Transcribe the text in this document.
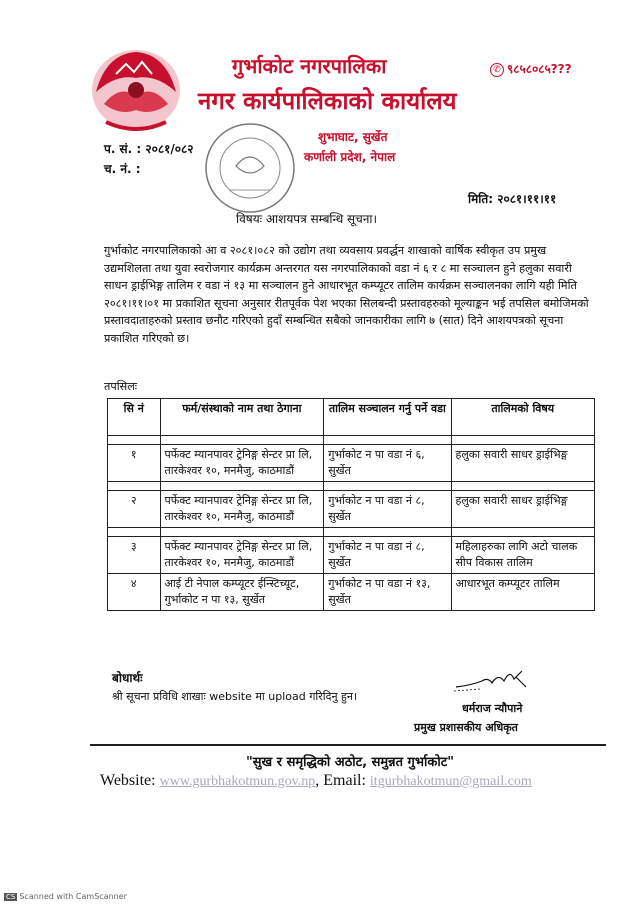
गुर्भाकोट नगरपालिका
नगर कार्यपालिकाको कार्यालय
✆ ९८५८०८५???
प. सं. : २०८१/०८२
च. नं. :
शुभाघाट, सुर्खेत
कर्णाली प्रदेश, नेपाल
मिति: २०८१।११।११
विषयः आशयपत्र सम्बन्धि सूचना।
गुर्भाकोट नगरपालिकाको आ व २०८१।०८२ को उद्योग तथा व्यवसाय प्रवर्द्धन शाखाको वार्षिक स्वीकृत उप प्रमुख उद्यमशिलता तथा युवा स्वरोजगार कार्यक्रम अन्तरगत यस नगरपालिकाको वडा नं ६ र ८ मा सञ्चालन हुने हलुका सवारी साधन ड्राईभिङ्ग तालिम र वडा नं १३ मा सञ्चालन हुने आधारभूत कम्प्यूटर तालिम कार्यक्रम सञ्चालनका लागि यही मिति २०८१।११।०१ मा प्रकाशित सूचना अनुसार रीतपूर्वक पेश भएका सिलबन्दी प्रस्तावहरुको मूल्याङ्कन भई तपसिल बमोजिमको प्रस्तावदाताहरुको प्रस्ताव छनौट गरिएको हुदाँ सम्बन्धित सबैको जानकारीका लागि ७ (सात) दिने आशयपत्रको सूचना प्रकाशित गरिएको छ।
तपसिलः
सि नं	फर्म/संस्थाको नाम तथा ठेगाना	तालिम सञ्चालन गर्नु पर्ने वडा	तालिमको विषय

१	पर्फेक्ट म्यानपावर ट्रेनिङ्ग सेन्टर प्रा लि, तारकेश्वर १०, मनमैजु, काठमाडौं	गुर्भाकोट न पा वडा नं ६, सुर्खेत	हलुका सवारी साधर ड्राईभिङ्ग

२	पर्फेक्ट म्यानपावर ट्रेनिङ्ग सेन्टर प्रा लि, तारकेश्वर १०, मनमैजु, काठमाडौं	गुर्भाकोट न पा वडा नं ८, सुर्खेत	हलुका सवारी साधर ड्राईभिङ्ग

३	पर्फेक्ट म्यानपावर ट्रेनिङ्ग सेन्टर प्रा लि, तारकेश्वर १०, मनमैजु, काठमाडौं	गुर्भाकोट न पा वडा नं ८, सुर्खेत	महिलाहरुका लागि अटो चालक सीप विकास तालिम
४	आई टी नेपाल कम्प्यूटर ईन्स्टिच्यूट, गुर्भाकोट न पा १३, सुर्खेत	गुर्भाकोट न पा वडा नं १३, सुर्खेत	आधारभूत कम्प्यूटर तालिम
बोधार्थः
श्री सूचना प्रविधि शाखाः website मा upload गरिदिनु हुन।
धर्मराज न्यौपाने
प्रमुख प्रशासकीय अधिकृत
"सुख र समृद्धिको अठोट, समुन्नत गुर्भाकोट"
Website: www.gurbhakotmun.gov.np, Email: itgurbhakotmun@gmail.com
CS Scanned with CamScanner
